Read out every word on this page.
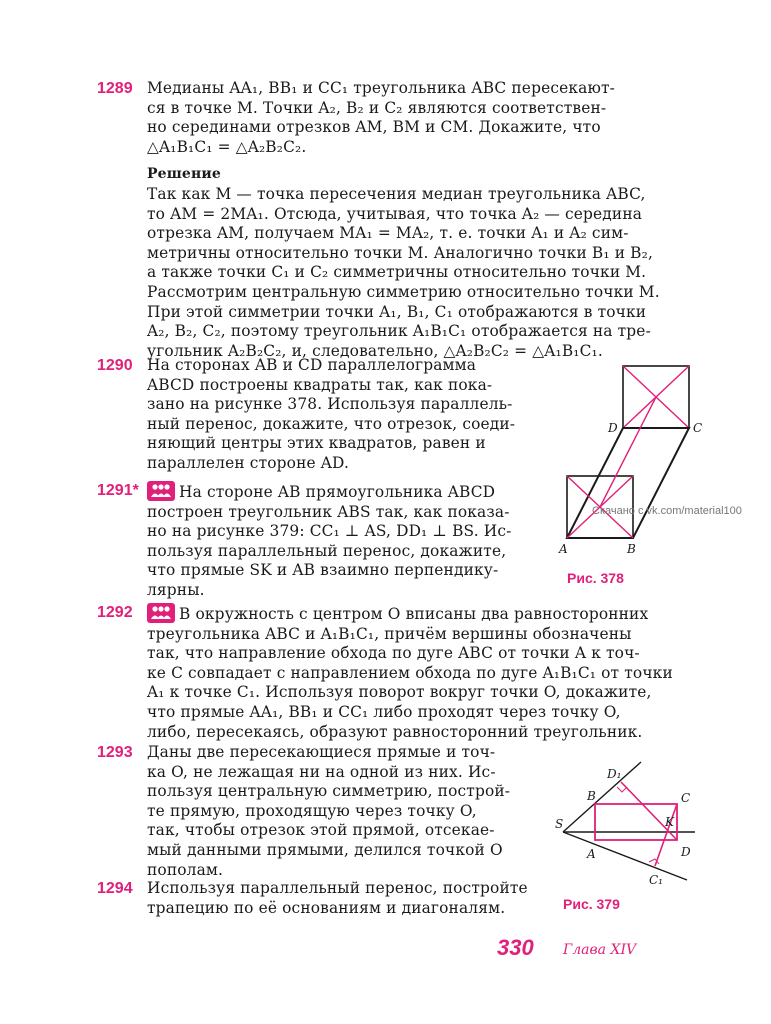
1289 Медианы AA₁, BB₁ и CC₁ треугольника ABC пересекают-
ся в точке M. Точки A₂, B₂ и C₂ являются соответствен-
но серединами отрезков AM, BM и CM. Докажите, что
△A₁B₁C₁ = △A₂B₂C₂.
Решение
Так как M — точка пересечения медиан треугольника ABC,
то AM = 2MA₁. Отсюда, учитывая, что точка A₂ — середина
отрезка AM, получаем MA₁ = MA₂, т. е. точки A₁ и A₂ сим-
метричны относительно точки M. Аналогично точки B₁ и B₂,
а также точки C₁ и C₂ симметричны относительно точки M.
Рассмотрим центральную симметрию относительно точки M.
При этой симметрии точки A₁, B₁, C₁ отображаются в точки
A₂, B₂, C₂, поэтому треугольник A₁B₁C₁ отображается на тре-
угольник A₂B₂C₂, и, следовательно, △A₂B₂C₂ = △A₁B₁C₁.
1290 На сторонах AB и CD параллелограмма
ABCD построены квадраты так, как пока-
зано на рисунке 378. Используя параллель-
ный перенос, докажите, что отрезок, соеди-
няющий центры этих квадратов, равен и
параллелен стороне AD.
1291*	На стороне AB прямоугольника ABCD
построен треугольник ABS так, как показа-
но на рисунке 379: CC₁ ⊥ AS, DD₁ ⊥ BS. Ис-
пользуя параллельный перенос, докажите,
что прямые SK и AB взаимно перпендику-
лярны.
1292	В окружность с центром O вписаны два равносторонних
треугольника ABC и A₁B₁C₁, причём вершины обозначены
так, что направление обхода по дуге ABC от точки A к точ-
ке C совпадает с направлением обхода по дуге A₁B₁C₁ от точки
A₁ к точке C₁. Используя поворот вокруг точки O, докажите,
что прямые AA₁, BB₁ и CC₁ либо проходят через точку O,
либо, пересекаясь, образуют равносторонний треугольник.
1293 Даны две пересекающиеся прямые и точ-
ка O, не лежащая ни на одной из них. Ис-
пользуя центральную симметрию, построй-
те прямую, проходящую через точку O,
так, чтобы отрезок этой прямой, отсекае-
мый данными прямыми, делился точкой O
пополам.
1294 Используя параллельный перенос, постройте
трапецию по её основаниям и диагоналям.
A	B
C
D
Рис. 378
S
A
B	C
D
K
D₁
C₁
Рис. 379
Скачано с vk.com/material100
330 Глава XIV
